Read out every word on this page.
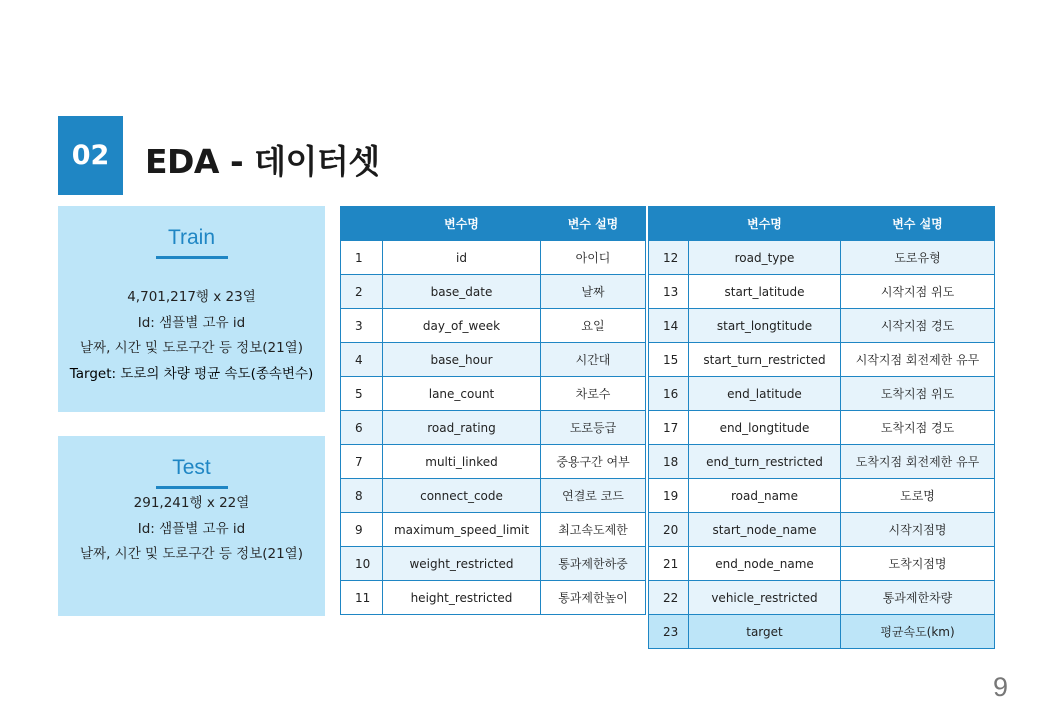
02 EDA - 데이터셋
Train
4,701,217행 x 23열
Id: 샘플별 고유 id
날짜, 시간 및 도로구간 등 정보(21열)
Target: 도로의 차량 평균 속도(종속변수)
Test
291,241행 x 22열
Id: 샘플별 고유 id
날짜, 시간 및 도로구간 등 정보(21열)
	변수명	변수 설명
1	id	아이디
2	base_date	날짜
3	day_of_week	요일
4	base_hour	시간대
5	lane_count	차로수
6	road_rating	도로등급
7	multi_linked	중용구간 여부
8	connect_code	연결로 코드
9	maximum_speed_limit	최고속도제한
10	weight_restricted	통과제한하중
11	height_restricted	통과제한높이
	변수명	변수 설명
12	road_type	도로유형
13	start_latitude	시작지점 위도
14	start_longtitude	시작지점 경도
15	start_turn_restricted	시작지점 회전제한 유무
16	end_latitude	도착지점 위도
17	end_longtitude	도착지점 경도
18	end_turn_restricted	도착지점 회전제한 유무
19	road_name	도로명
20	start_node_name	시작지점명
21	end_node_name	도착지점명
22	vehicle_restricted	통과제한차량
23	target	평균속도(km)
9
